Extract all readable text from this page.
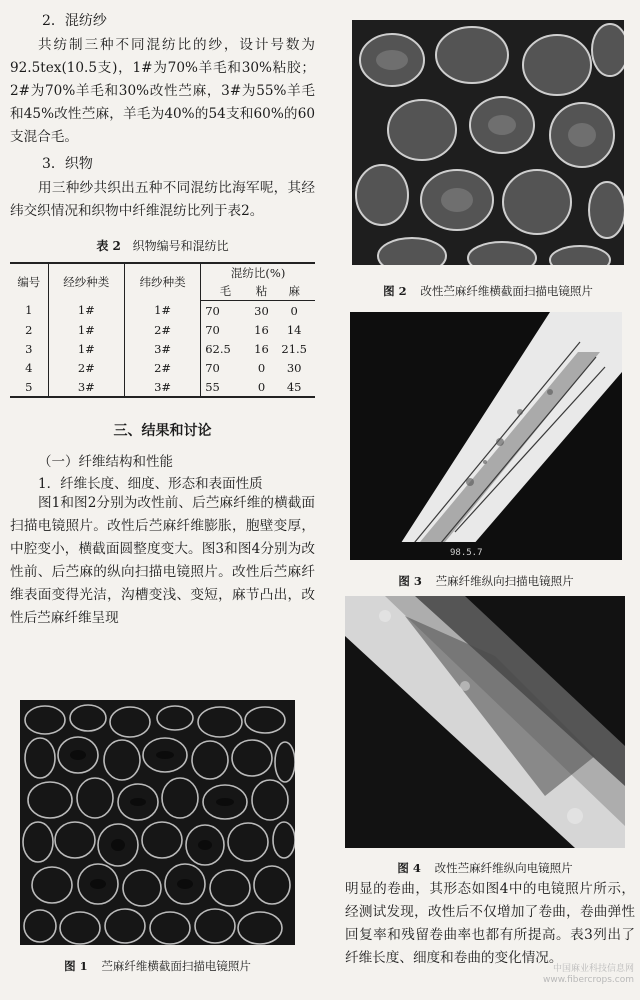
2．混纺纱

共纺制三种不同混纺比的纱，设计号数为92.5tex(10.5支)，1#为70%羊毛和30%粘胶；2#为70%羊毛和30%改性苎麻，3#为55%羊毛和45%改性苎麻，羊毛为40%的54支和60%的60支混合毛。

3．织物

用三种纱共织出五种不同混纺比海军呢，其经纬交织情况和织物中纤维混纺比列于表2。

表 2 织物编号和混纺比
编号	经纱种类	纬纱种类	混纺比(%)		
			毛	粘	麻
1	1#	1#	70	30	0
2	1#	2#	70	16	14
3	1#	3#	62.5	16	21.5
4	2#	2#	70	0	30
5	3#	3#	55	0	45
三、结果和讨论
（一）纤维结构和性能
1．纤维长度、细度、形态和表面性质

图1和图2分别为改性前、后苎麻纤维的横截面扫描电镜照片。改性后苎麻纤维膨胀，胞壁变厚，中腔变小，横截面圆整度变大。图3和图4分别为改性前、后苎麻的纵向扫描电镜照片。改性后苎麻纤维表面变得光洁，沟槽变浅、变短，麻节凸出，改性后苎麻纤维呈现

图 1 苎麻纤维横截面扫描电镜照片
图 2 改性苎麻纤维横截面扫描电镜照片
98.5.7
图 3 苎麻纤维纵向扫描电镜照片
图 4 改性苎麻纤维纵向电镜照片

明显的卷曲，其形态如图4中的电镜照片所示，经测试发现，改性后不仅增加了卷曲，卷曲弹性回复率和残留卷曲率也都有所提高。表3列出了纤维长度、细度和卷曲的变化情况。

中国麻业科技信息网
www.fibercrops.com
